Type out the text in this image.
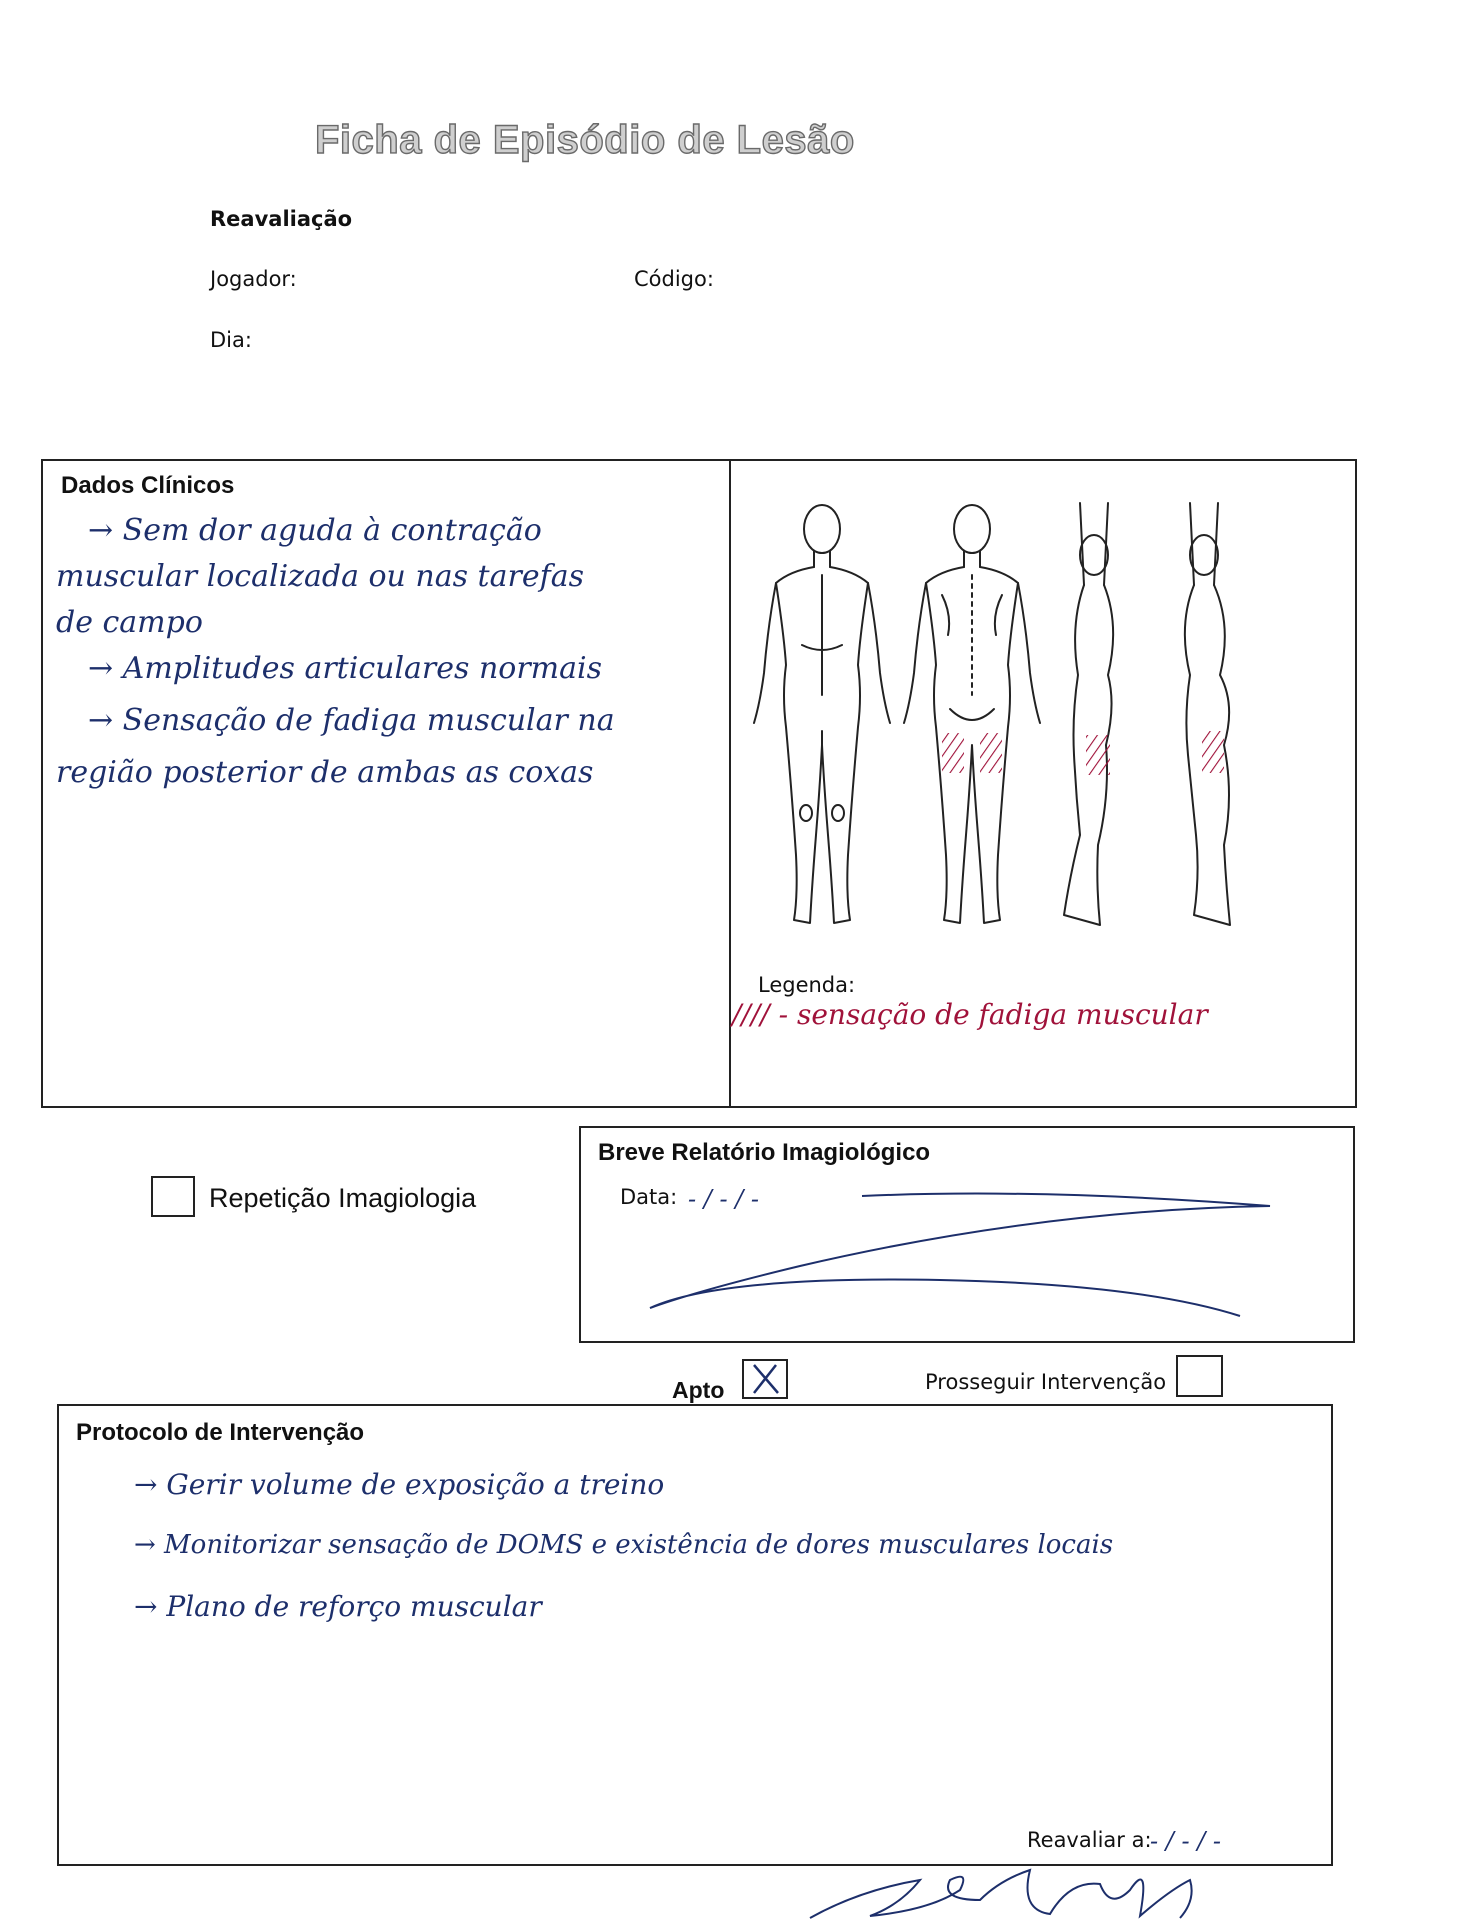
Ficha de Episódio de Lesão
Reavaliação
Jogador:	Código:
Dia:
Dados Clínicos
→ Sem dor aguda à contração
muscular localizada ou nas tarefas
de campo
→ Amplitudes articulares normais
→ Sensação de fadiga muscular na
região posterior de ambas as coxas
Legenda:
//// - sensação de fadiga muscular
Repetição Imagiologia
Breve Relatório Imagiológico
Data: - / - / -
Apto	Prosseguir Intervenção
Protocolo de Intervenção
→ Gerir volume de exposição a treino
→ Monitorizar sensação de DOMS e existência de dores musculares locais
→ Plano de reforço muscular
Reavaliar a:
- / - / -
